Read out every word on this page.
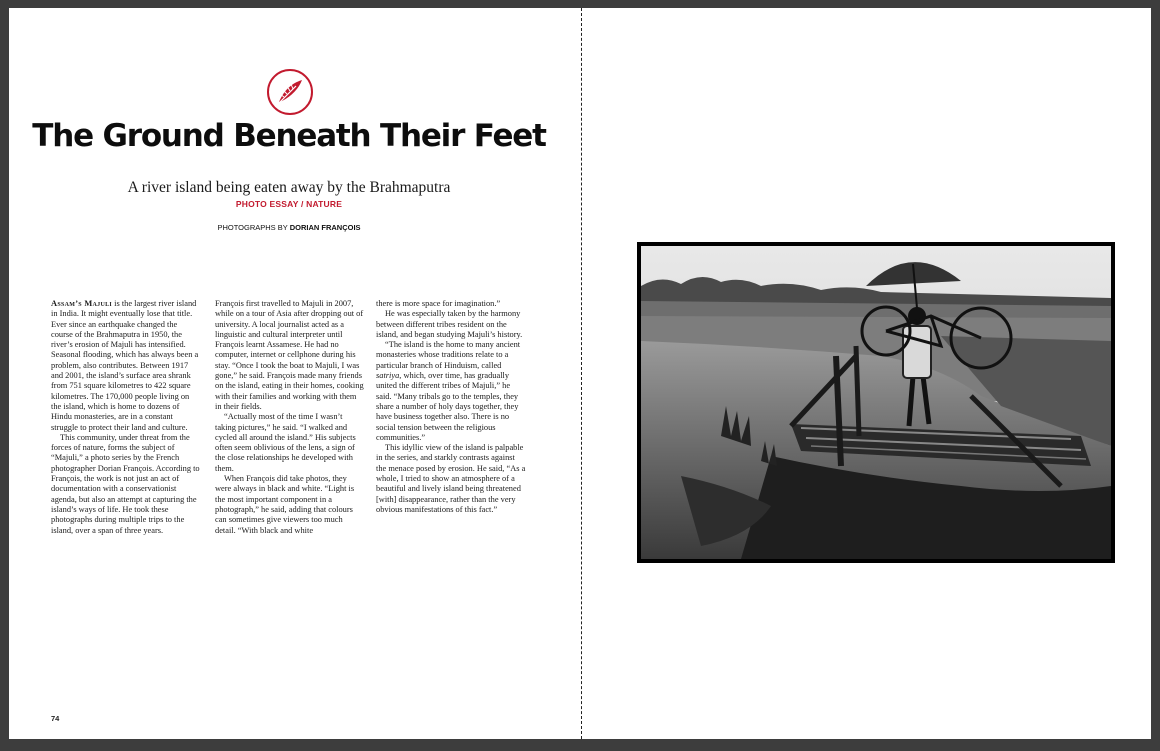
The Ground Beneath Their Feet
A river island being eaten away by the Brahmaputra
PHOTO ESSAY / NATURE
PHOTOGRAPHS BY DORIAN FRANÇOIS

Assam’s Majuli is the largest river island in India. It might eventually lose that title. Ever since an earthquake changed the course of the Brahmaputra in 1950, the river’s erosion of Majuli has intensified. Seasonal flooding, which has always been a problem, also contributes. Between 1917 and 2001, the island’s surface area shrank from 751 square kilometres to 422 square kilometres. The 170,000 people living on the island, which is home to dozens of Hindu monasteries, are in a constant struggle to protect their land and culture.

This community, under threat from the forces of nature, forms the subject of “Majuli,” a photo series by the French photographer Dorian François. According to François, the work is not just an act of documentation with a conservationist agenda, but also an attempt at capturing the island’s ways of life. He took these photographs during multiple trips to the island, over a span of three years.

François first travelled to Majuli in 2007, while on a tour of Asia after dropping out of university. A local journalist acted as a linguistic and cultural interpreter until François learnt Assamese. He had no computer, internet or cellphone during his stay. “Once I took the boat to Majuli, I was gone,” he said. François made many friends on the island, eating in their homes, cooking with their families and working with them in their fields.

“Actually most of the time I wasn’t taking pictures,” he said. “I walked and cycled all around the island.” His subjects often seem oblivious of the lens, a sign of the close relationships he developed with them.

When François did take photos, they were always in black and white. “Light is the most important component in a photograph,” he said, adding that colours can sometimes give viewers too much detail. “With black and white

there is more space for imagination.”

He was especially taken by the harmony between different tribes resident on the island, and began studying Majuli’s history.

“The island is the home to many ancient monasteries whose traditions relate to a particular branch of Hinduism, called satriya, which, over time, has gradually united the different tribes of Majuli,” he said. “Many tribals go to the temples, they share a number of holy days together, they have business together also. There is no social tension between the religious communities.”

This idyllic view of the island is palpable in the series, and starkly contrasts against the menace posed by erosion. He said, “As a whole, I tried to show an atmosphere of a beautiful and lively island being threatened [with] disappearance, rather than the very obvious manifestations of this fact.”

74
